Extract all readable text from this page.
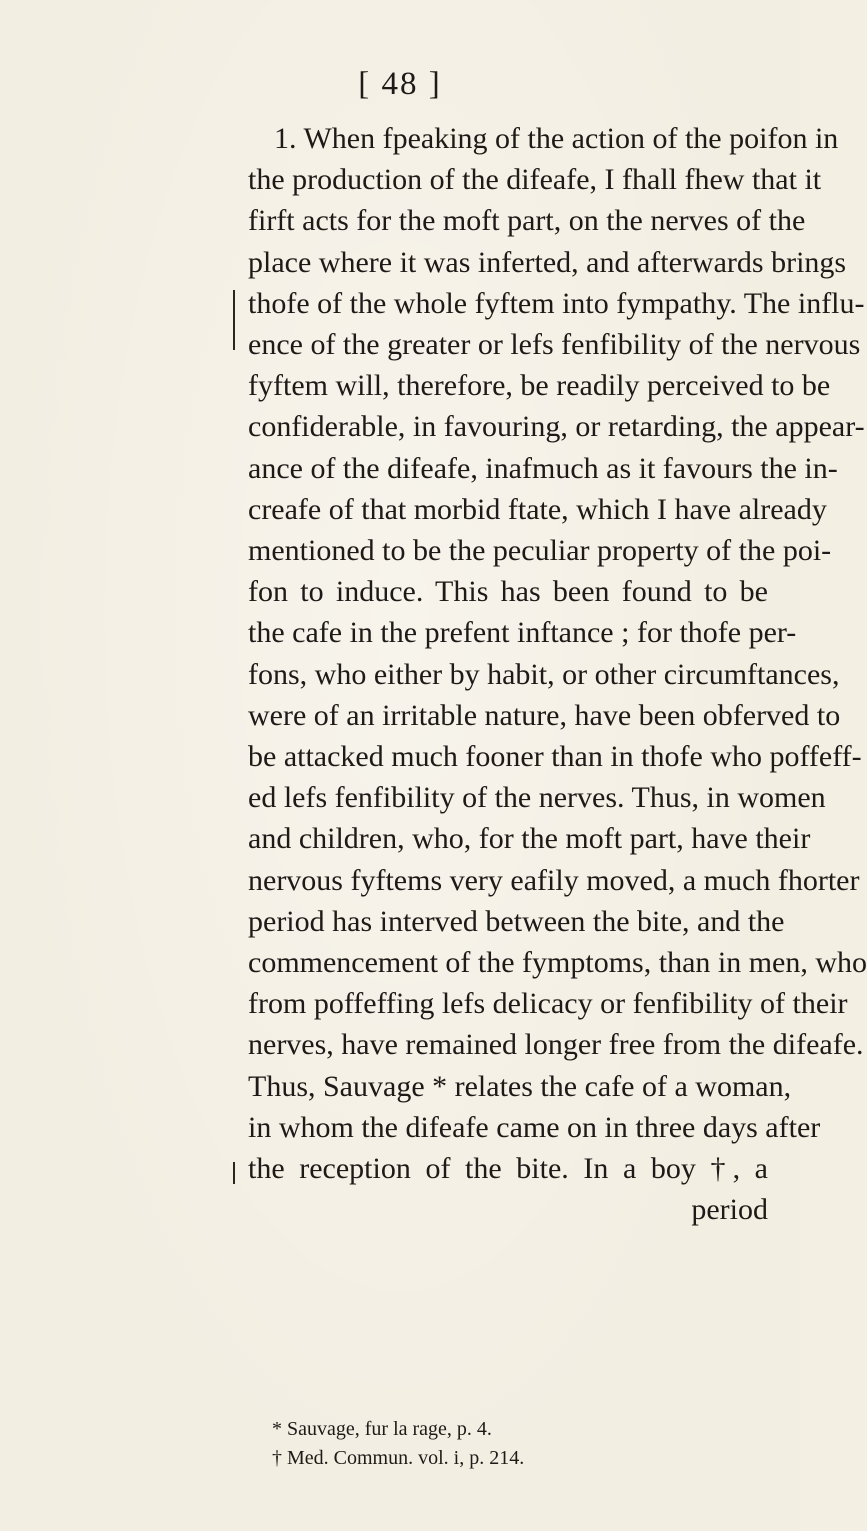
[ 48 ]
1. When fpeaking of the action of the poifon in
the production of the difeafe, I fhall fhew that it
firft acts for the moft part, on the nerves of the
place where it was inferted, and afterwards brings
thofe of the whole fyftem into fympathy. The influ-
ence of the greater or lefs fenfibility of the nervous
fyftem will, therefore, be readily perceived to be
confiderable, in favouring, or retarding, the appear-
ance of the difeafe, inafmuch as it favours the in-
creafe of that morbid ftate, which I have already
mentioned to be the peculiar property of the poi-
fon to induce. This has been found to be
the cafe in the prefent inftance ; for thofe per-
fons, who either by habit, or other circumftances,
were of an irritable nature, have been obferved to
be attacked much fooner than in thofe who poffeff-
ed lefs fenfibility of the nerves. Thus, in women
and children, who, for the moft part, have their
nervous fyftems very eafily moved, a much fhorter
period has interved between the bite, and the
commencement of the fymptoms, than in men, who
from poffeffing lefs delicacy or fenfibility of their
nerves, have remained longer free from the difeafe.
Thus, Sauvage * relates the cafe of a woman,
in whom the difeafe came on in three days after
the reception of the bite. In a boy †, a
period
* Sauvage, fur la rage, p. 4.
† Med. Commun. vol. i, p. 214.
